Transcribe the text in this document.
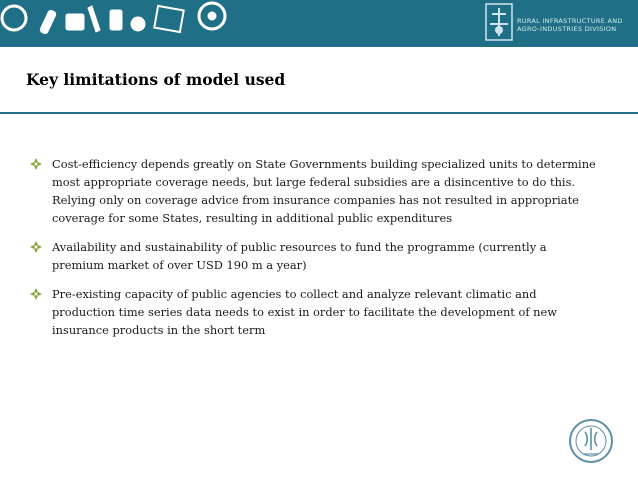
RURAL INFRASTRUCTURE AND
AGRO-INDUSTRIES DIVISION
Key limitations of model used
Cost-efficiency depends greatly on State Governments building specialized units to determine most appropriate coverage needs, but large federal subsidies are a disincentive to do this. Relying only on coverage advice from insurance companies has not resulted in appropriate coverage for some States, resulting in additional public expenditures
Availability and sustainability of public resources to fund the programme (currently a premium market of over USD 190 m a year)
Pre-existing capacity of public agencies to collect and analyze relevant climatic and production time series data needs to exist in order to facilitate the development of new insurance products in the short term
